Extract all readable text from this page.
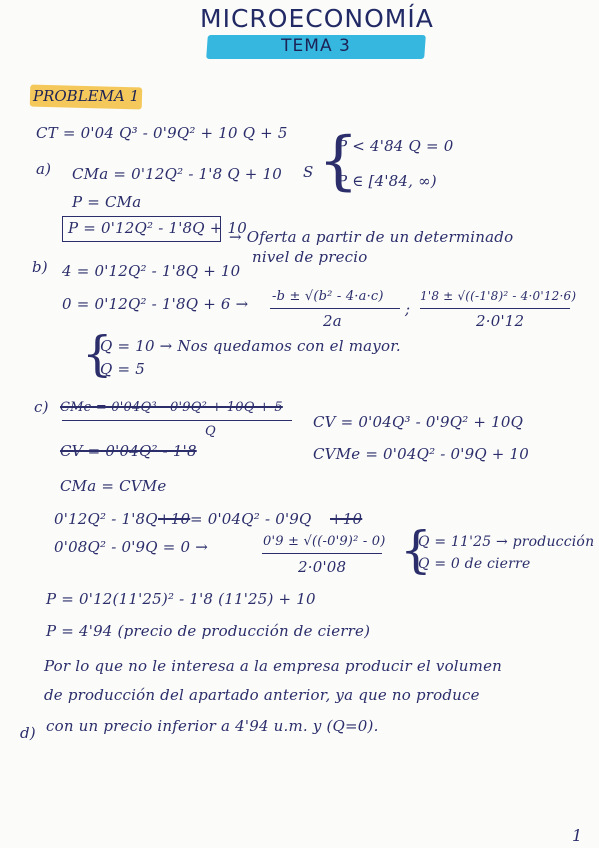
MICROECONOMÍA
TEMA 3
PROBLEMA 1
CT = 0'04 Q³ - 0'9Q² + 10 Q + 5
a) CMa = 0'12Q² - 1'8 Q + 10 S {
P < 4'84 Q = 0
P ∈ [4'84, ∞)
P = CMa
P = 0'12Q² - 1'8Q + 10
→ Oferta a partir de un determinado
nivel de precio
b) 4 = 0'12Q² - 1'8Q + 10
0 = 0'12Q² - 1'8Q + 6 → -b ± √(b² - 4·a·c)
2a
;
1'8 ± √((-1'8)² - 4·0'12·6)
2·0'12
{
Q = 10 → Nos quedamos con el mayor.
Q = 5
c) CMe = 0'04Q³ - 0'9Q² + 10Q + 5
Q
CV = 0'04Q³ - 0'9Q² + 10Q
CV = 0'04Q² - 1'8	CVMe = 0'04Q² - 0'9Q + 10
CMa = CVMe
0'12Q² - 1'8Q +10 = 0'04Q² - 0'9Q +10
0'08Q² - 0'9Q = 0 →	0'9 ± √((-0'9)² - 0)
2·0'08 {
Q = 11'25 → producción
Q = 0 de cierre
P = 0'12(11'25)² - 1'8 (11'25) + 10
P = 4'94 (precio de producción de cierre)
Por lo que no le interesa a la empresa producir el volumen
de producción del apartado anterior, ya que no produce
con un precio inferior a 4'94 u.m. y (Q=0).
d)
1
